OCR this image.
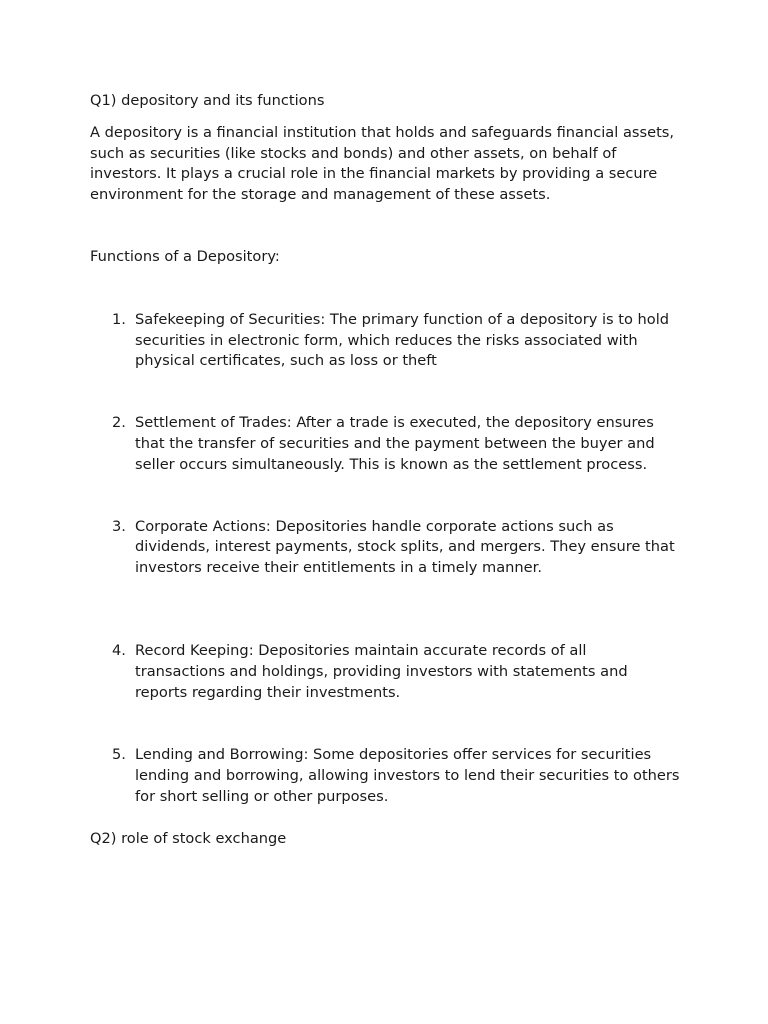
Q1) depository and its functions

A depository is a financial institution that holds and safeguards financial assets, such as securities (like stocks and bonds) and other assets, on behalf of investors. It plays a crucial role in the financial markets by providing a secure environment for the storage and management of these assets.

Functions of a Depository:

1. Safekeeping of Securities: The primary function of a depository is to hold securities in electronic form, which reduces the risks associated with physical certificates, such as loss or theft
2. Settlement of Trades: After a trade is executed, the depository ensures that the transfer of securities and the payment between the buyer and seller occurs simultaneously. This is known as the settlement process.
3. Corporate Actions: Depositories handle corporate actions such as dividends, interest payments, stock splits, and mergers. They ensure that investors receive their entitlements in a timely manner.
4. Record Keeping: Depositories maintain accurate records of all transactions and holdings, providing investors with statements and reports regarding their investments.
5. Lending and Borrowing: Some depositories offer services for securities lending and borrowing, allowing investors to lend their securities to others for short selling or other purposes.

Q2) role of stock exchange
